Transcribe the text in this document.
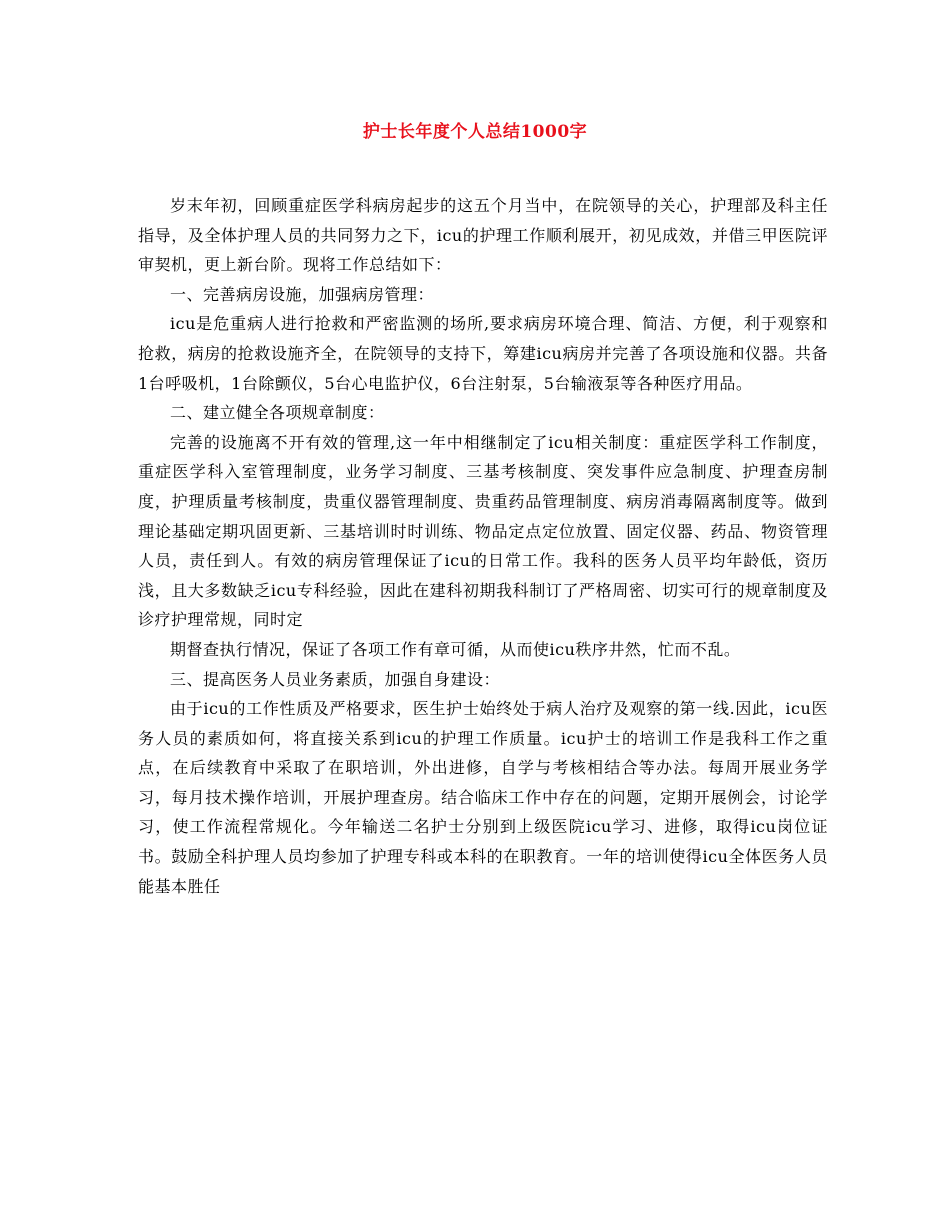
护士长年度个人总结1000字

岁末年初，回顾重症医学科病房起步的这五个月当中，在院领导的关心，护理部及科主任指导，及全体护理人员的共同努力之下，icu的护理工作顺利展开，初见成效，并借三甲医院评审契机，更上新台阶。现将工作总结如下：

一、完善病房设施，加强病房管理：

icu是危重病人进行抢救和严密监测的场所,要求病房环境合理、简洁、方便，利于观察和抢救，病房的抢救设施齐全，在院领导的支持下，筹建icu病房并完善了各项设施和仪器。共备1台呼吸机，1台除颤仪，5台心电监护仪，6台注射泵，5台输液泵等各种医疗用品。

二、建立健全各项规章制度：

完善的设施离不开有效的管理,这一年中相继制定了icu相关制度：重症医学科工作制度，重症医学科入室管理制度，业务学习制度、三基考核制度、突发事件应急制度、护理查房制度，护理质量考核制度，贵重仪器管理制度、贵重药品管理制度、病房消毒隔离制度等。做到理论基础定期巩固更新、三基培训时时训练、物品定点定位放置、固定仪器、药品、物资管理人员，责任到人。有效的病房管理保证了icu的日常工作。我科的医务人员平均年龄低，资历浅，且大多数缺乏icu专科经验，因此在建科初期我科制订了严格周密、切实可行的规章制度及诊疗护理常规，同时定

期督查执行情况，保证了各项工作有章可循，从而使icu秩序井然，忙而不乱。

三、提高医务人员业务素质，加强自身建设：

由于icu的工作性质及严格要求，医生护士始终处于病人治疗及观察的第一线.因此，icu医务人员的素质如何，将直接关系到icu的护理工作质量。icu护士的培训工作是我科工作之重点，在后续教育中采取了在职培训，外出进修，自学与考核相结合等办法。每周开展业务学习，每月技术操作培训，开展护理查房。结合临床工作中存在的问题，定期开展例会，讨论学习，使工作流程常规化。今年输送二名护士分别到上级医院icu学习、进修，取得icu岗位证书。鼓励全科护理人员均参加了护理专科或本科的在职教育。一年的培训使得icu全体医务人员能基本胜任
